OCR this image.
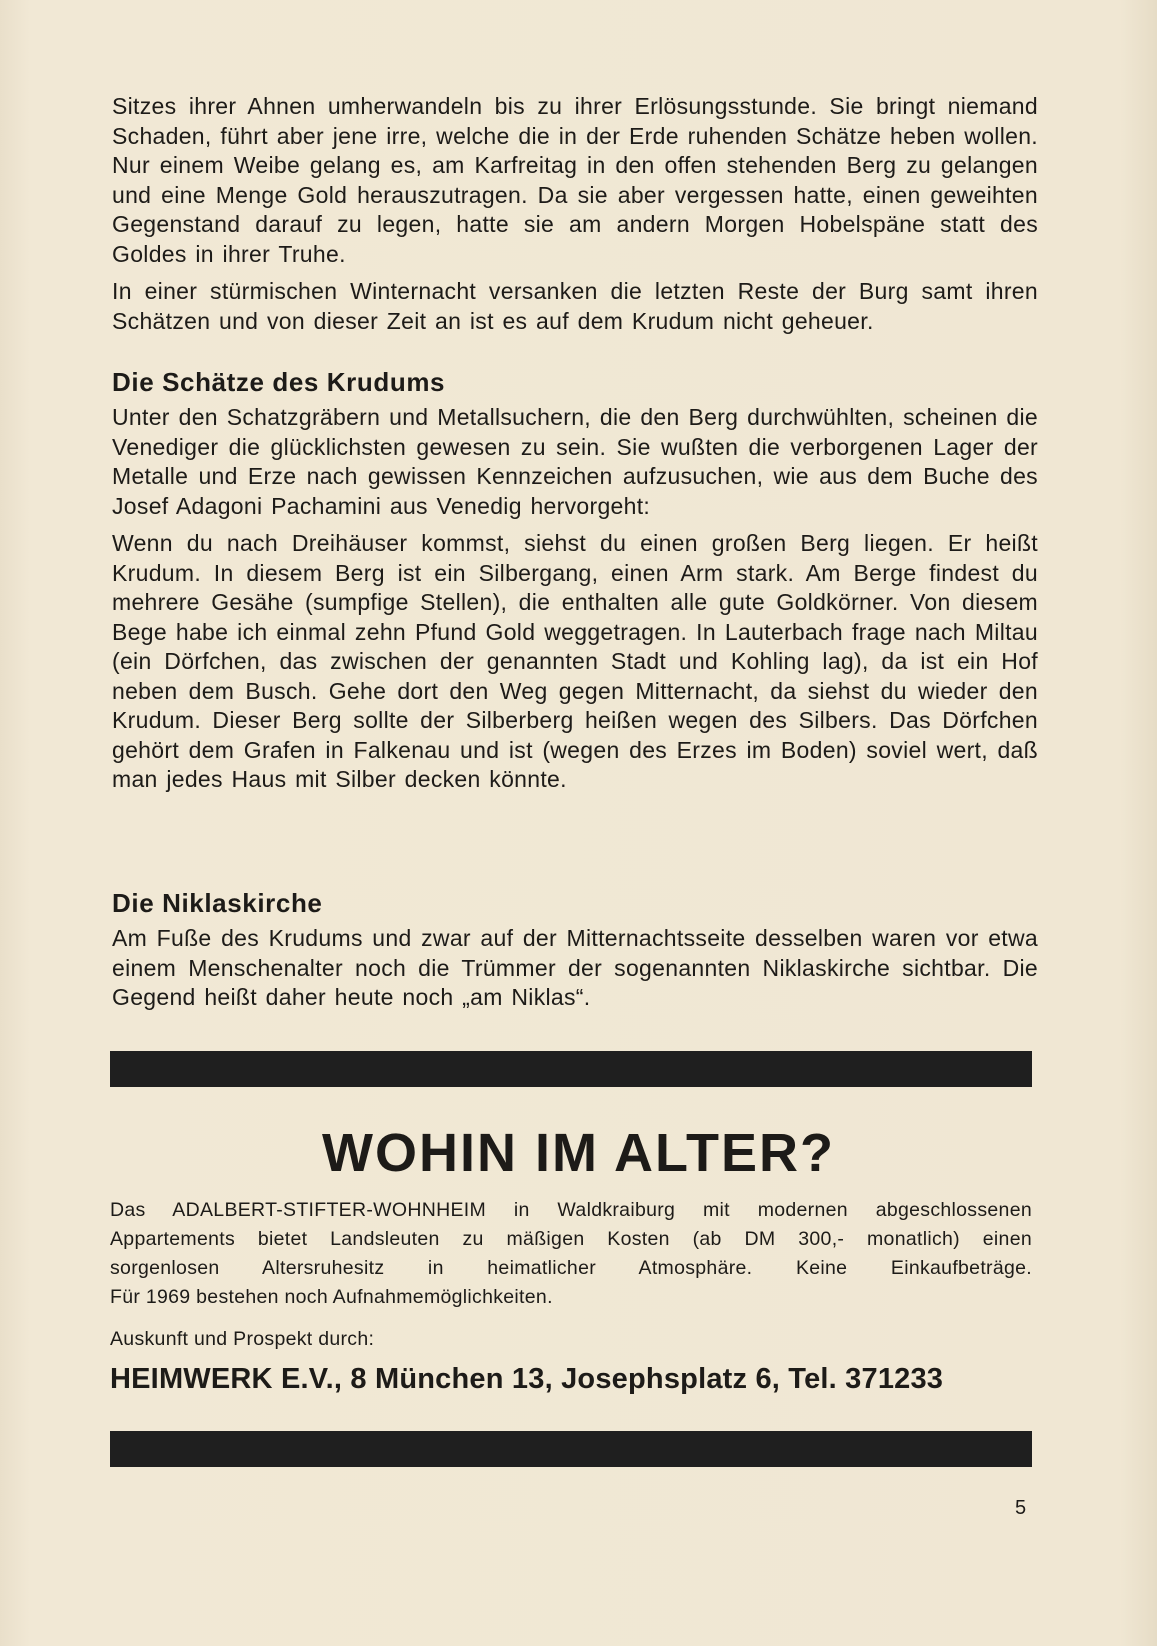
Sitzes ihrer Ahnen umherwandeln bis zu ihrer Erlösungsstunde. Sie bringt niemand Schaden, führt aber jene irre, welche die in der Erde ruhenden Schätze heben wollen. Nur einem Weibe gelang es, am Karfreitag in den offen stehenden Berg zu gelangen und eine Menge Gold herauszutragen. Da sie aber vergessen hatte, einen geweihten Gegenstand darauf zu legen, hatte sie am andern Morgen Hobelspäne statt des Goldes in ihrer Truhe.

In einer stürmischen Winternacht versanken die letzten Reste der Burg samt ihren Schätzen und von dieser Zeit an ist es auf dem Krudum nicht geheuer.

Die Schätze des Krudums

Unter den Schatzgräbern und Metallsuchern, die den Berg durchwühlten, scheinen die Venediger die glücklichsten gewesen zu sein. Sie wußten die verborgenen Lager der Metalle und Erze nach gewissen Kennzeichen aufzusuchen, wie aus dem Buche des Josef Adagoni Pachamini aus Venedig hervorgeht:

Wenn du nach Dreihäuser kommst, siehst du einen großen Berg liegen. Er heißt Krudum. In diesem Berg ist ein Silbergang, einen Arm stark. Am Berge findest du mehrere Gesähe (sumpfige Stellen), die enthalten alle gute Goldkörner. Von diesem Bege habe ich einmal zehn Pfund Gold weggetragen. In Lauterbach frage nach Miltau (ein Dörfchen, das zwischen der genannten Stadt und Kohling lag), da ist ein Hof neben dem Busch. Gehe dort den Weg gegen Mitternacht, da siehst du wieder den Krudum. Dieser Berg sollte der Silberberg heißen wegen des Silbers. Das Dörfchen gehört dem Grafen in Falkenau und ist (wegen des Erzes im Boden) soviel wert, daß man jedes Haus mit Silber decken könnte.

Die Niklaskirche

Am Fuße des Krudums und zwar auf der Mitternachtsseite desselben waren vor etwa einem Menschenalter noch die Trümmer der sogenannten Niklaskirche sichtbar. Die Gegend heißt daher heute noch „am Niklas“.

WOHIN IM ALTER?
Das ADALBERT-STIFTER-WOHNHEIM in Waldkraiburg mit modernen abgeschlossenen
Appartements bietet Landsleuten zu mäßigen Kosten (ab DM 300,- monatlich) einen
sorgenlosen Altersruhesitz in heimatlicher Atmosphäre. Keine Einkaufbeträge.
Für 1969 bestehen noch Aufnahmemöglichkeiten.
Auskunft und Prospekt durch:
HEIMWERK E.V., 8 München 13, Josephsplatz 6, Tel. 371233
5
